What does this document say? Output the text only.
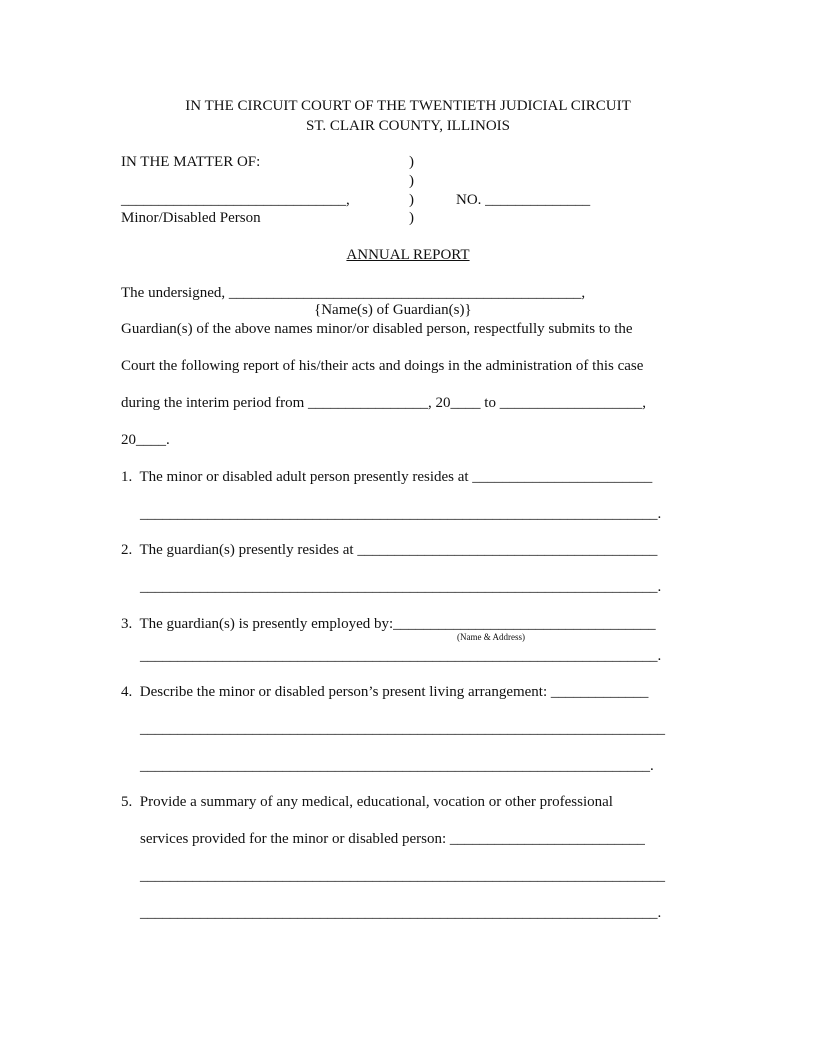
IN THE CIRCUIT COURT OF THE TWENTIETH JUDICIAL CIRCUIT
ST. CLAIR COUNTY, ILLINOIS
IN THE MATTER OF:	)
)
)
)
______________________________,	NO. ______________
Minor/Disabled Person
ANNUAL REPORT
The undersigned, _______________________________________________,
{Name(s) of Guardian(s)}
Guardian(s) of the above names minor/or disabled person, respectfully submits to the
Court the following report of his/their acts and doings in the administration of this case
during the interim period from ________________, 20____ to ___________________,
20____.
1.  The minor or disabled adult person presently resides at ________________________
_____________________________________________________________________.
2.  The guardian(s) presently resides at ________________________________________
_____________________________________________________________________.
3.  The guardian(s) is presently employed by:___________________________________
(Name & Address)
_____________________________________________________________________.
4.  Describe the minor or disabled person’s present living arrangement: _____________
______________________________________________________________________
____________________________________________________________________.
5.  Provide a summary of any medical, educational, vocation or other professional
services provided for the minor or disabled person: __________________________
______________________________________________________________________
_____________________________________________________________________.
